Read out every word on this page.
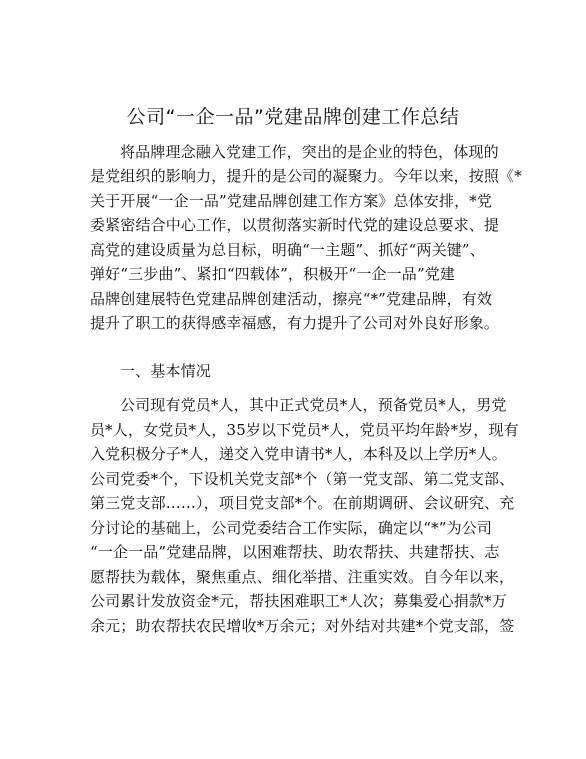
公司“一企一品”党建品牌创建工作总结
将品牌理念融入党建工作，突出的是企业的特色，体现的
是党组织的影响力，提升的是公司的凝聚力。今年以来，按照《*
关于开展“一企一品”党建品牌创建工作方案》总体安排，*党
委紧密结合中心工作，以贯彻落实新时代党的建设总要求、提
高党的建设质量为总目标，明确“一主题”、抓好“两关键”、
弹好“三步曲”、紧扣“四载体”，积极开“一企一品”党建
品牌创建展特色党建品牌创建活动，擦亮“*”党建品牌，有效
提升了职工的获得感幸福感，有力提升了公司对外良好形象。
一、基本情况
公司现有党员*人，其中正式党员*人，预备党员*人，男党
员*人，女党员*人，35岁以下党员*人，党员平均年龄*岁，现有
入党积极分子*人，递交入党申请书*人，本科及以上学历*人。
公司党委*个，下设机关党支部*个（第一党支部、第二党支部、
第三党支部……），项目党支部*个。在前期调研、会议研究、充
分讨论的基础上，公司党委结合工作实际，确定以“*”为公司
“一企一品”党建品牌，以困难帮扶、助农帮扶、共建帮扶、志
愿帮扶为载体，聚焦重点、细化举措、注重实效。自今年以来，
公司累计发放资金*元，帮扶困难职工*人次；募集爱心捐款*万
余元；助农帮扶农民增收*万余元；对外结对共建*个党支部，签
